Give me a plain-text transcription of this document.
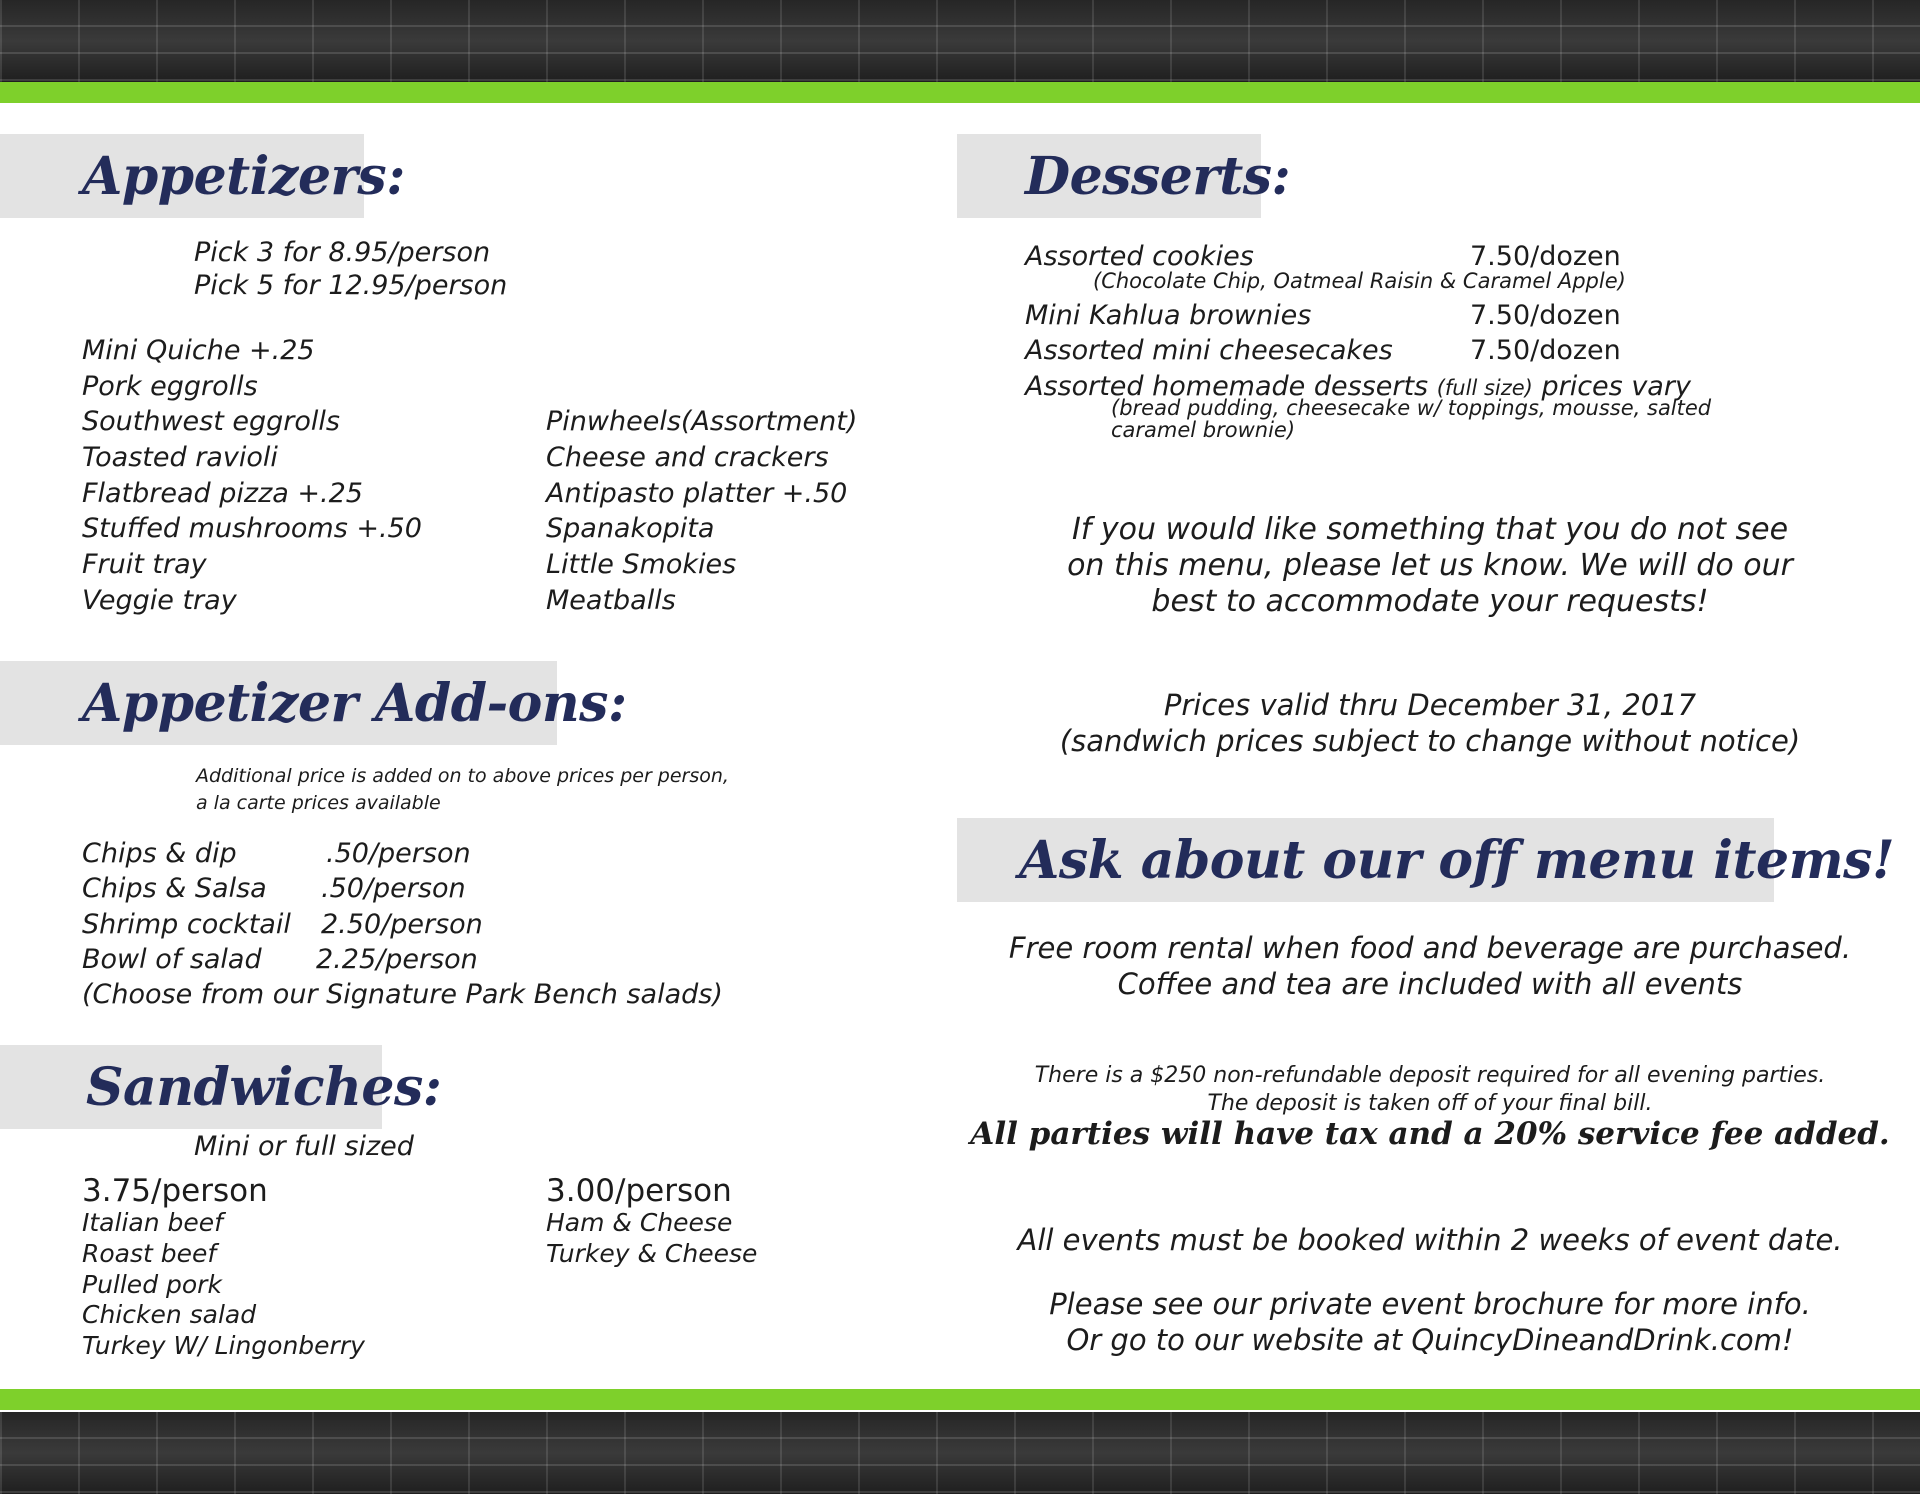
Appetizers:
Pick 3 for 8.95/person
Pick 5 for 12.95/person
Mini Quiche +.25
Pork eggrolls
Southwest eggrolls
Toasted ravioli
Flatbread pizza +.25
Stuffed mushrooms +.50
Fruit tray
Veggie tray
Pinwheels(Assortment)
Cheese and crackers
Antipasto platter +.50
Spanakopita
Little Smokies
Meatballs
Appetizer Add-ons:
Additional price is added on to above prices per person,
a la carte prices available
Chips & dip	.50/person
Chips & Salsa .50/person
Shrimp cocktail 2.50/person
Bowl of salad 2.25/person
(Choose from our Signature Park Bench salads)
Sandwiches:
Mini or full sized
3.75/person
Italian beef
Roast beef
Pulled pork
Chicken salad
Turkey W/ Lingonberry
3.00/person
Ham & Cheese
Turkey & Cheese
Desserts:
Assorted cookies	7.50/dozen
(Chocolate Chip, Oatmeal Raisin & Caramel Apple)
Mini Kahlua brownies	7.50/dozen
Assorted mini cheesecakes	7.50/dozen
Assorted homemade desserts (full size) prices vary
(bread pudding, cheesecake w/ toppings, mousse, salted
caramel brownie)
If you would like something that you do not see
on this menu, please let us know. We will do our
best to accommodate your requests!
Prices valid thru December 31, 2017
(sandwich prices subject to change without notice)
Ask about our off menu items!
Free room rental when food and beverage are purchased.
Coffee and tea are included with all events
There is a $250 non-refundable deposit required for all evening parties.
The deposit is taken off of your final bill.
All parties will have tax and a 20% service fee added.
All events must be booked within 2 weeks of event date.
Please see our private event brochure for more info.
Or go to our website at QuincyDineandDrink.com!
